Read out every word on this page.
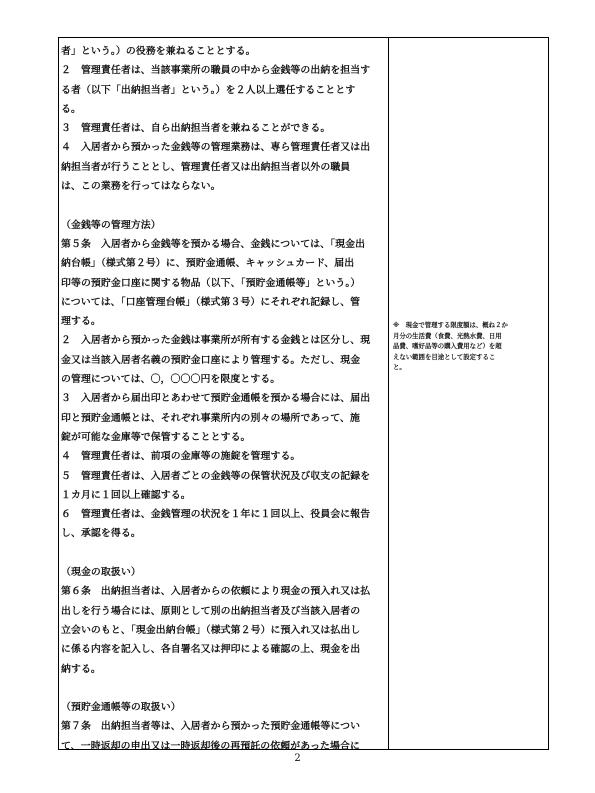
者」という。）の役務を兼ねることとする。
２　管理責任者は、当該事業所の職員の中から金銭等の出納を担当す
る者（以下「出納担当者」という。）を２人以上選任することとす
る。
３　管理責任者は、自ら出納担当者を兼ねることができる。
４　入居者から預かった金銭等の管理業務は、専ら管理責任者又は出
納担当者が行うこととし、管理責任者又は出納担当者以外の職員
は、この業務を行ってはならない。
（金銭等の管理方法）
第５条　入居者から金銭等を預かる場合、金銭については、「現金出
納台帳」（様式第２号）に、預貯金通帳、キャッシュカード、届出
印等の預貯金口座に関する物品（以下、「預貯金通帳等」という。）
については、「口座管理台帳」（様式第３号）にそれぞれ記録し、管
理する。
２　入居者から預かった金銭は事業所が所有する金銭とは区分し、現
金又は当該入居者名義の預貯金口座により管理する。ただし、現金
の管理については、〇，〇〇〇円を限度とする。
３　入居者から届出印とあわせて預貯金通帳を預かる場合には、届出
印と預貯金通帳とは、それぞれ事業所内の別々の場所であって、施
錠が可能な金庫等で保管することとする。
４　管理責任者は、前項の金庫等の施錠を管理する。
５　管理責任者は、入居者ごとの金銭等の保管状況及び収支の記録を
１カ月に１回以上確認する。
６　管理責任者は、金銭管理の状況を１年に１回以上、役員会に報告
し、承認を得る。
（現金の取扱い）
第６条　出納担当者は、入居者からの依頼により現金の預入れ又は払
出しを行う場合には、原則として別の出納担当者及び当該入居者の
立会いのもと、「現金出納台帳」（様式第２号）に預入れ又は払出し
に係る内容を記入し、各自署名又は押印による確認の上、現金を出
納する。
（預貯金通帳等の取扱い）
第７条　出納担当者等は、入居者から預かった預貯金通帳等につい
て、一時返却の申出又は一時返却後の再預託の依頼があった場合に
※　現金で管理する限度額は、概ね２か
月分の生活費（食費、光熱水費、日用
品費、嗜好品等の購入費用など）を超
えない範囲を目途として設定するこ
と。
2
